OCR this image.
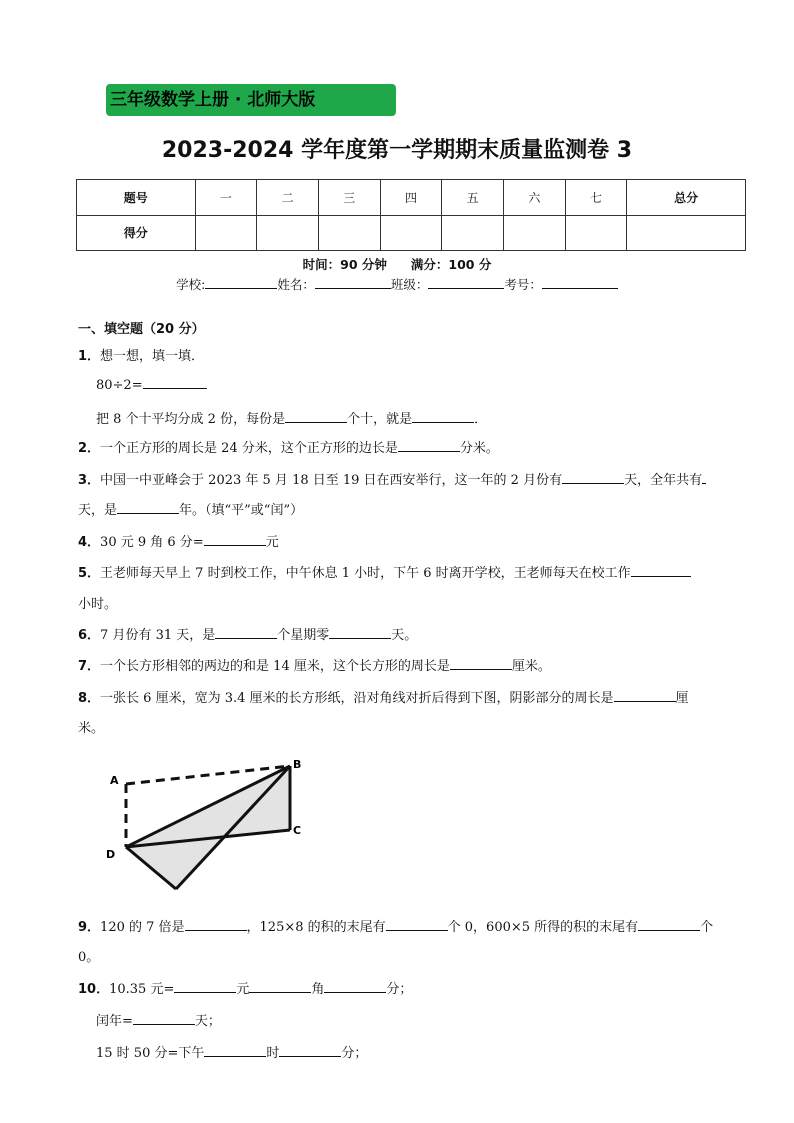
三年级数学上册 · 北师大版
2023-2024 学年度第一学期期末质量监测卷 3
题号	一	二	三	四	五	六	七	总分
得分								
时间：90 分钟 满分：100 分
学校:	姓名：	班级：	考号：
一、填空题（20 分）
1．想一想，填一填．
80÷2=
把 8 个十平均分成 2 份，每份是	个十，就是	．
2．一个正方形的周长是 24 分米，这个正方形的边长是	分米。
3．中国一中亚峰会于 2023 年 5 月 18 日至 19 日在西安举行，这一年的 2 月份有	天，全年共有
天，是	年。（填“平”或“闰”）
4．30 元 9 角 6 分=	元
5．王老师每天早上 7 时到校工作，中午休息 1 小时，下午 6 时离开学校，王老师每天在校工作
小时。
6．7 月份有 31 天，是	个星期零	天。
7．一个长方形相邻的两边的和是 14 厘米，这个长方形的周长是	厘米。
8．一张长 6 厘米，宽为 3.4 厘米的长方形纸，沿对角线对折后得到下图，阴影部分的周长是	厘
米。
A
B
C
D
9．120 的 7 倍是	，125×8 的积的末尾有	个 0，600×5 所得的积的末尾有	个
0。
10．10.35 元=	元	角	分；
闰年=	天；
15 时 50 分=下午	时	分；
